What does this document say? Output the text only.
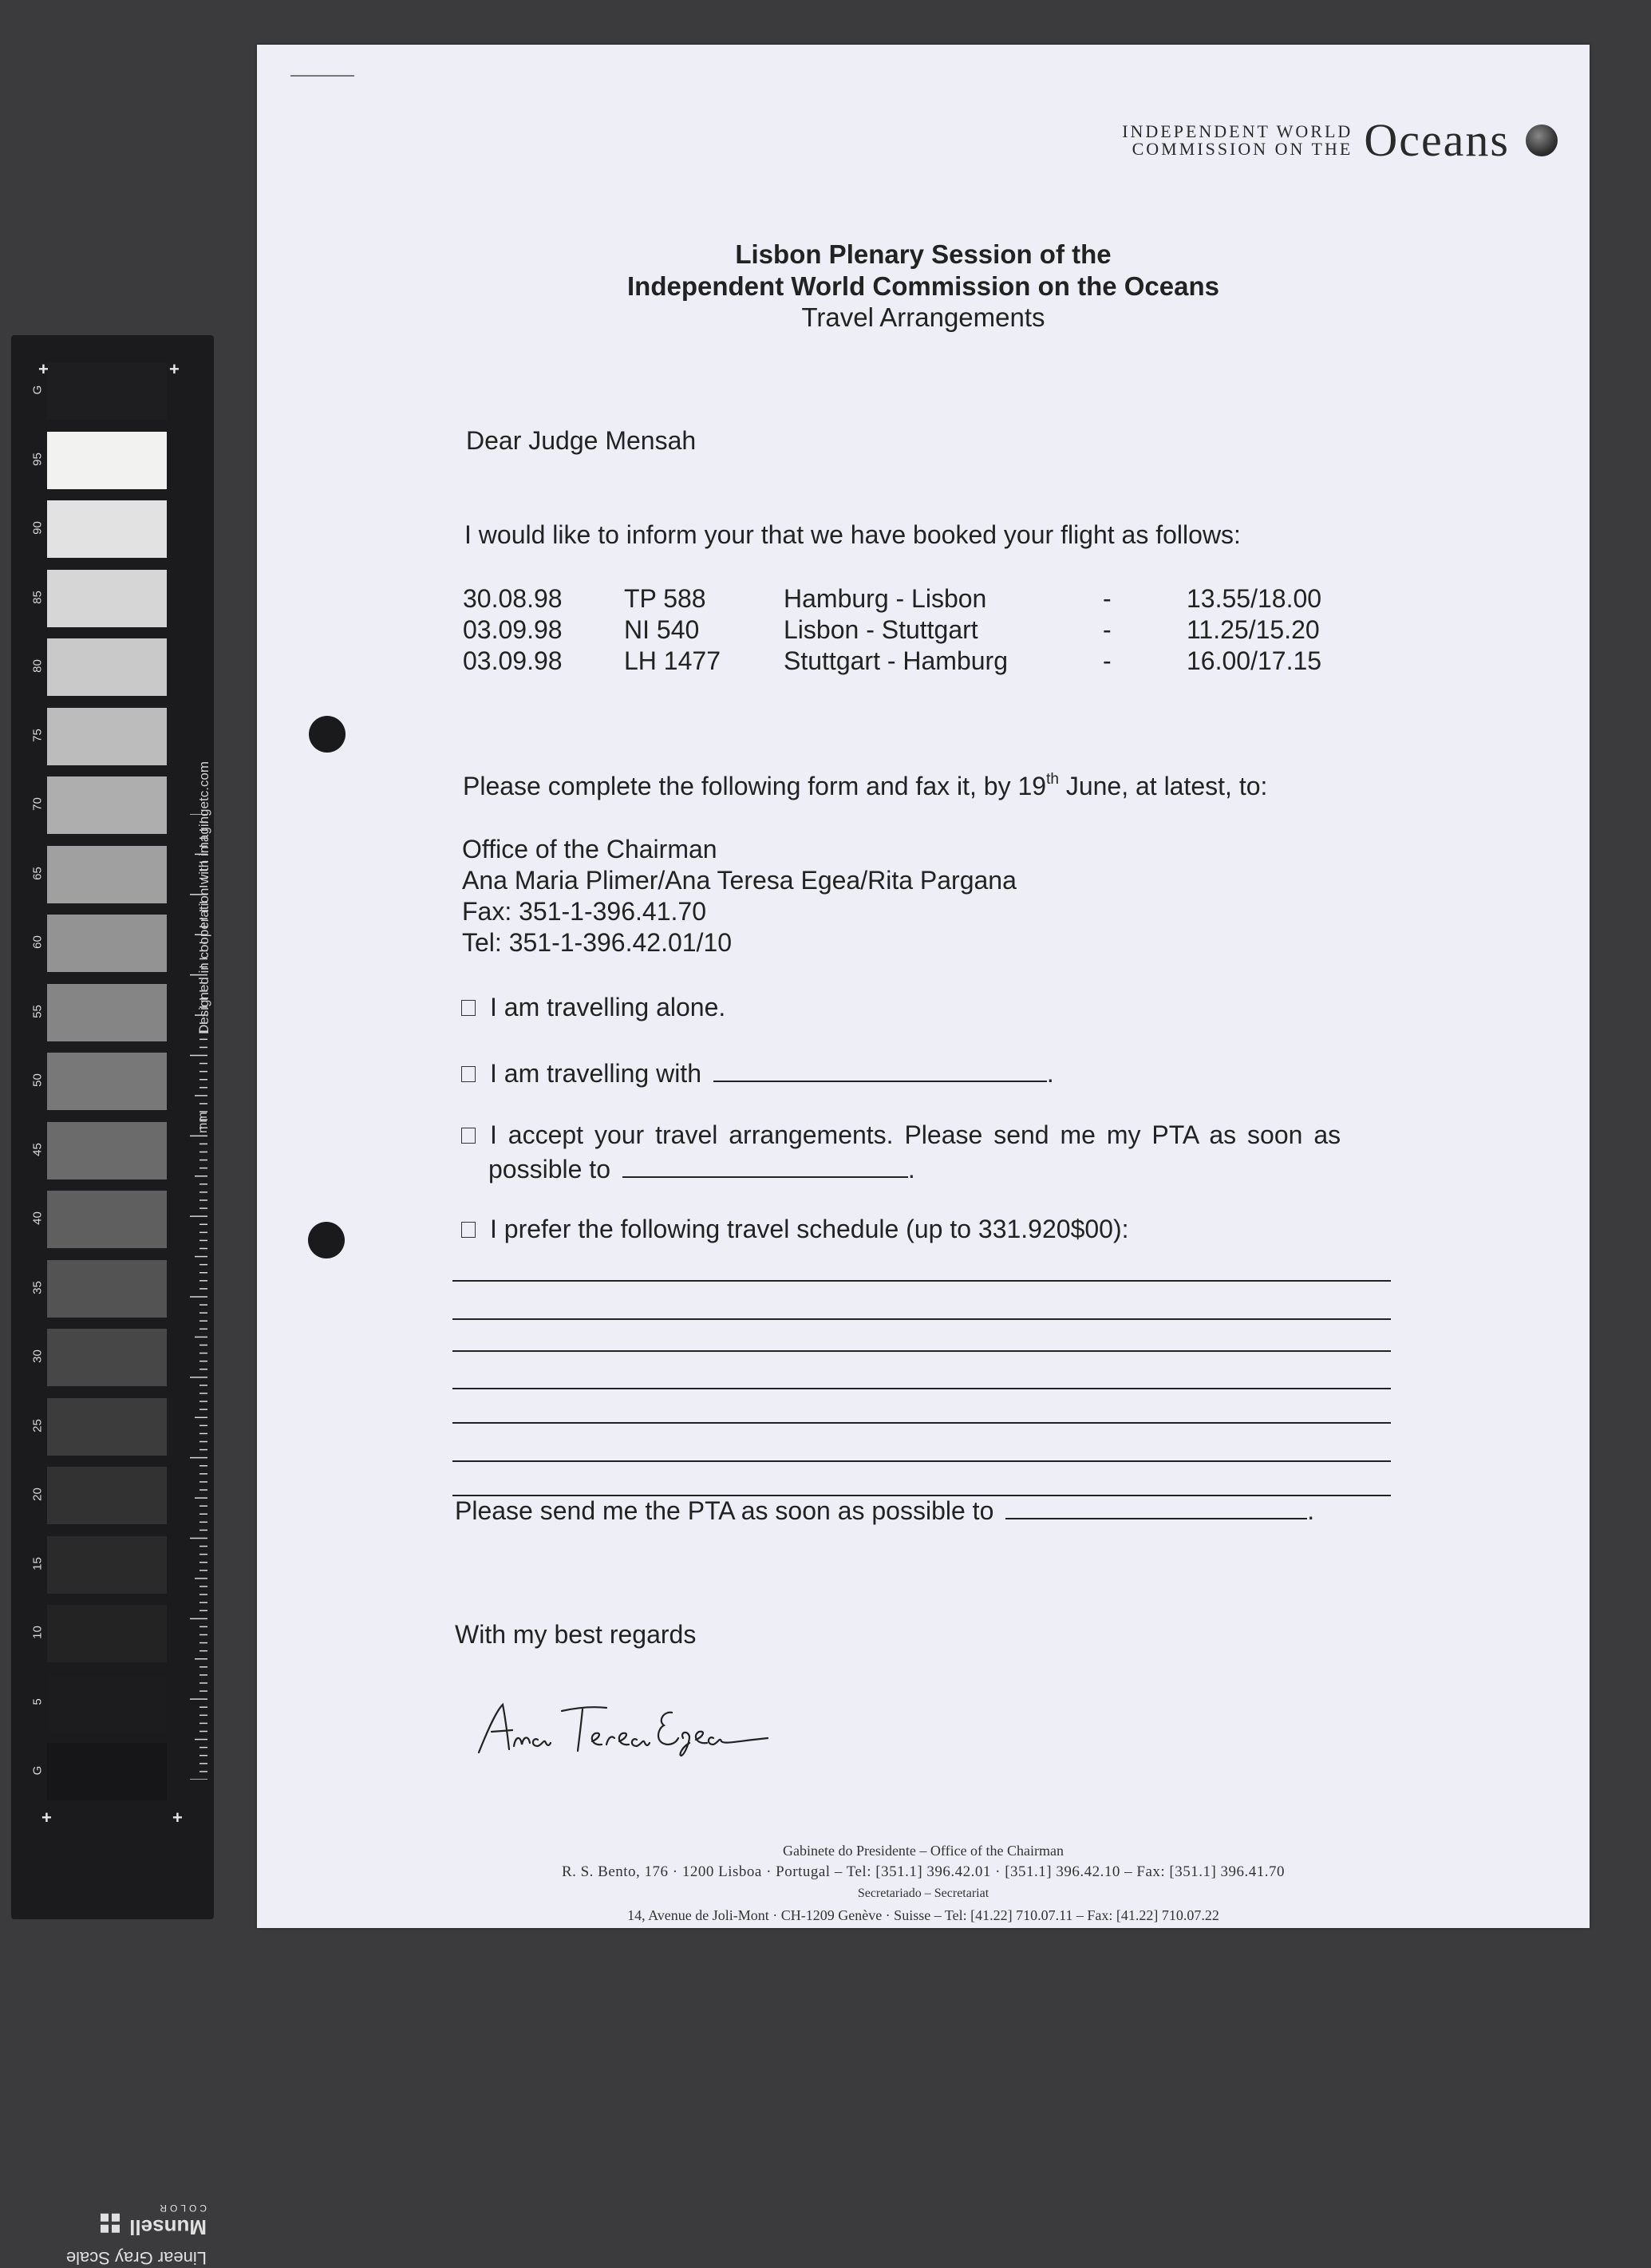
G
95
90
85
80
75
70
65
60
55
50
45
40
35
30
25
20
15
10
5
G
+	+
+	+
Designed in cooperation with imagingetc.com
mm
Linear Gray Scale
Munsell
COLOR
INDEPENDENT WORLD
COMMISSION ON THE Oceans
Lisbon Plenary Session of the
Independent World Commission on the Oceans
Travel Arrangements
Dear Judge Mensah
I would like to inform your that we have booked your flight as follows:
30.08.98 TP 588	Hamburg - Lisbon	-	13.55/18.00
03.09.98 NI 540	Lisbon - Stuttgart	-	11.25/15.20
03.09.98 LH 1477 Stuttgart - Hamburg	-	16.00/17.15
Please complete the following form and fax it, by 19th June, at latest, to:
Office of the Chairman
Ana Maria Plimer/Ana Teresa Egea/Rita Pargana
Fax: 351-1-396.41.70
Tel: 351-1-396.42.01/10
I am travelling alone.
I am travelling with	.
I accept your travel arrangements. Please send me my PTA as soon as
possible to	.
I prefer the following travel schedule (up to 331.920$00):
Please send me the PTA as soon as possible to	.
With my best regards
Gabinete do Presidente – Office of the Chairman
R. S. Bento, 176 · 1200 Lisboa · Portugal – Tel: [351.1] 396.42.01 · [351.1] 396.42.10 – Fax: [351.1] 396.41.70
Secretariado – Secretariat
14, Avenue de Joli-Mont · CH-1209 Genève · Suisse – Tel: [41.22] 710.07.11 – Fax: [41.22] 710.07.22
